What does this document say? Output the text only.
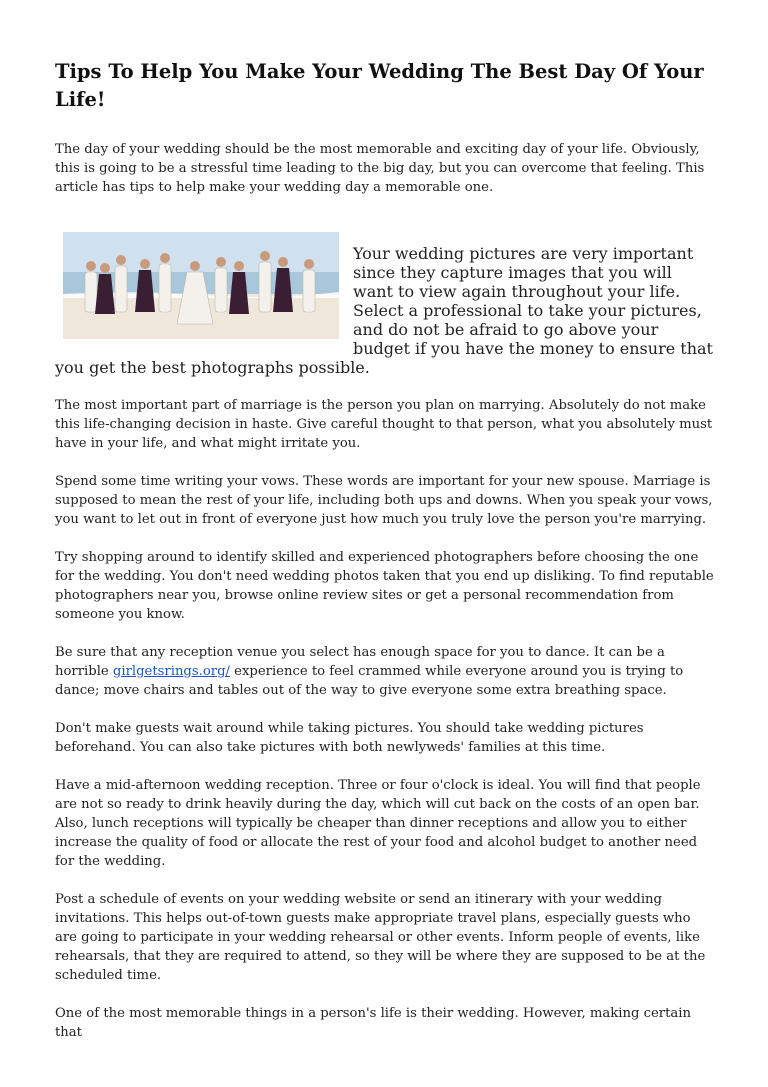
Tips To Help You Make Your Wedding The Best Day Of Your Life!

The day of your wedding should be the most memorable and exciting day of your life. Obviously, this is going to be a stressful time leading to the big day, but you can overcome that feeling. This article has tips to help make your wedding day a memorable one.

Your wedding pictures are very important since they capture images that you will want to view again throughout your life. Select a professional to take your pictures, and do not be afraid to go above your budget if you have the money to ensure that you get the best photographs possible.

The most important part of marriage is the person you plan on marrying. Absolutely do not make this life-changing decision in haste. Give careful thought to that person, what you absolutely must have in your life, and what might irritate you.

Spend some time writing your vows. These words are important for your new spouse. Marriage is supposed to mean the rest of your life, including both ups and downs. When you speak your vows, you want to let out in front of everyone just how much you truly love the person you're marrying.

Try shopping around to identify skilled and experienced photographers before choosing the one for the wedding. You don't need wedding photos taken that you end up disliking. To find reputable photographers near you, browse online review sites or get a personal recommendation from someone you know.

Be sure that any reception venue you select has enough space for you to dance. It can be a horrible girlgetsrings.org/ experience to feel crammed while everyone around you is trying to dance; move chairs and tables out of the way to give everyone some extra breathing space.

Don't make guests wait around while taking pictures. You should take wedding pictures beforehand. You can also take pictures with both newlyweds' families at this time.

Have a mid-afternoon wedding reception. Three or four o'clock is ideal. You will find that people are not so ready to drink heavily during the day, which will cut back on the costs of an open bar. Also, lunch receptions will typically be cheaper than dinner receptions and allow you to either increase the quality of food or allocate the rest of your food and alcohol budget to another need for the wedding.

Post a schedule of events on your wedding website or send an itinerary with your wedding invitations. This helps out-of-town guests make appropriate travel plans, especially guests who are going to participate in your wedding rehearsal or other events. Inform people of events, like rehearsals, that they are required to attend, so they will be where they are supposed to be at the scheduled time.

One of the most memorable things in a person's life is their wedding. However, making certain that
